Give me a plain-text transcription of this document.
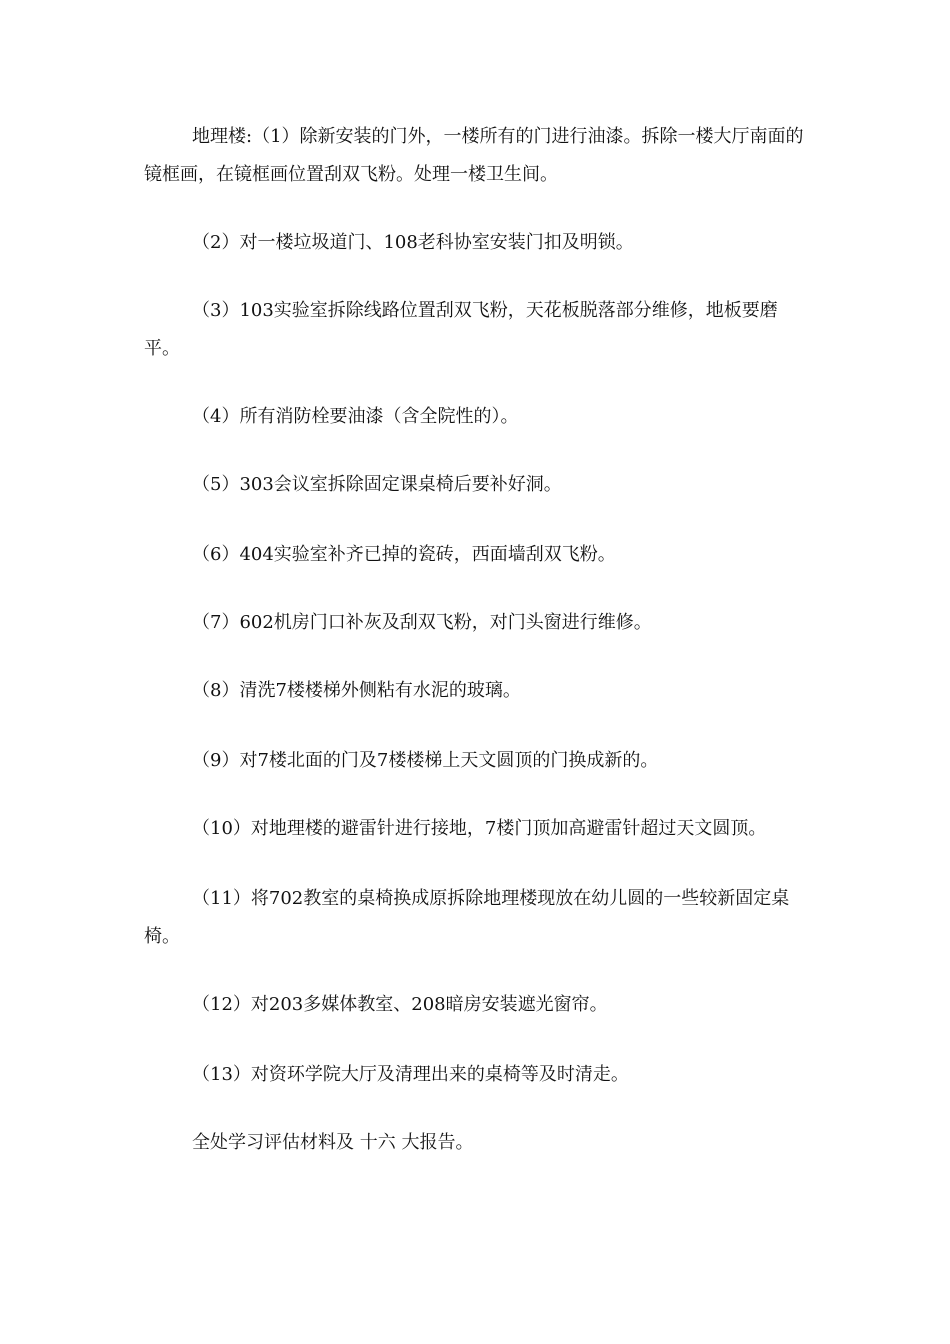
地理楼:（1）除新安装的门外，一楼所有的门进行油漆。拆除一楼大厅南面的镜框画，在镜框画位置刮双飞粉。处理一楼卫生间。

（2）对一楼垃圾道门、108老科协室安装门扣及明锁。

（3）103实验室拆除线路位置刮双飞粉，天花板脱落部分维修，地板要磨平。

（4）所有消防栓要油漆（含全院性的）。

（5）303会议室拆除固定课桌椅后要补好洞。

（6）404实验室补齐已掉的瓷砖，西面墙刮双飞粉。

（7）602机房门口补灰及刮双飞粉，对门头窗进行维修。

（8）清洗7楼楼梯外侧粘有水泥的玻璃。

（9）对7楼北面的门及7楼楼梯上天文圆顶的门换成新的。

（10）对地理楼的避雷针进行接地，7楼门顶加高避雷针超过天文圆顶。

（11）将702教室的桌椅换成原拆除地理楼现放在幼儿圆的一些较新固定桌椅。

（12）对203多媒体教室、208暗房安装遮光窗帘。

（13）对资环学院大厅及清理出来的桌椅等及时清走。

全处学习评估材料及 十六 大报告。
